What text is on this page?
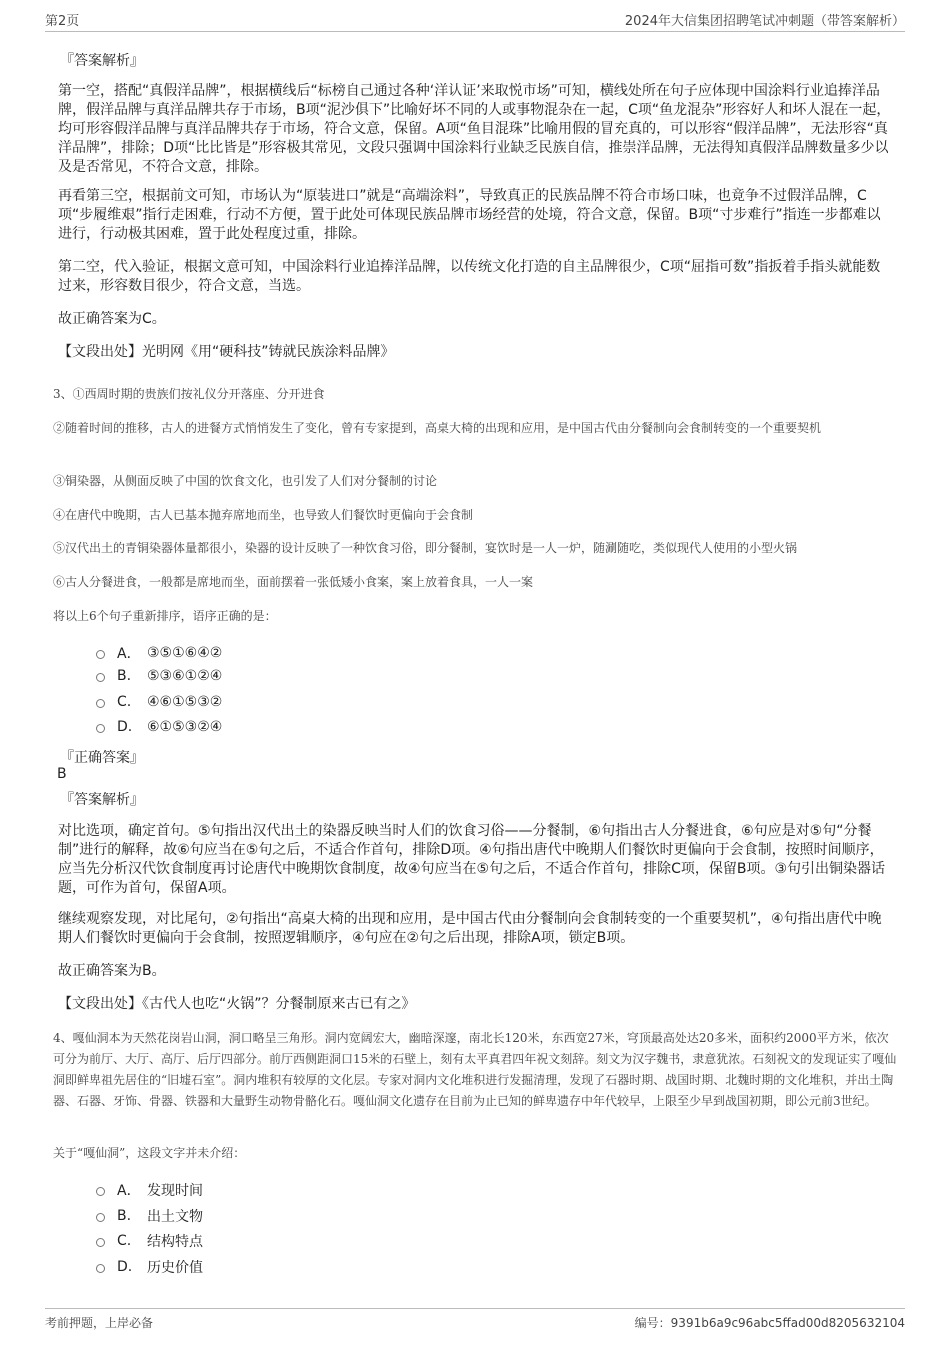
第2页	2024年大信集团招聘笔试冲刺题（带答案解析）
『答案解析』
第一空，搭配“真假洋品牌”，根据横线后“标榜自己通过各种‘洋认证’来取悦市场”可知，横线处所在句子应体现中国涂料行业追捧洋品牌，假洋品牌与真洋品牌共存于市场，B项“泥沙俱下”比喻好坏不同的人或事物混杂在一起，C项“鱼龙混杂”形容好人和坏人混在一起，均可形容假洋品牌与真洋品牌共存于市场，符合文意，保留。A项“鱼目混珠”比喻用假的冒充真的，可以形容“假洋品牌”，无法形容“真洋品牌”，排除；D项“比比皆是”形容极其常见，文段只强调中国涂料行业缺乏民族自信，推崇洋品牌，无法得知真假洋品牌数量多少以及是否常见，不符合文意，排除。
再看第三空，根据前文可知，市场认为“原装进口”就是“高端涂料”，导致真正的民族品牌不符合市场口味，也竟争不过假洋品牌，C项“步履维艰”指行走困难，行动不方便，置于此处可体现民族品牌市场经营的处境，符合文意，保留。B项“寸步难行”指连一步都难以进行，行动极其困难，置于此处程度过重，排除。
第二空，代入验证，根据文意可知，中国涂料行业追捧洋品牌，以传统文化打造的自主品牌很少，C项“屈指可数”指扳着手指头就能数过来，形容数目很少，符合文意，当选。
故正确答案为C。
【文段出处】光明网《用“硬科技”铸就民族涂料品牌》
3、①西周时期的贵族们按礼仪分开落座、分开进食
②随着时间的推移，古人的进餐方式悄悄发生了变化，曾有专家提到，高桌大椅的出现和应用，是中国古代由分餐制向会食制转变的一个重要契机
③铜染器，从侧面反映了中国的饮食文化，也引发了人们对分餐制的讨论
④在唐代中晚期，古人已基本抛弃席地而坐，也导致人们餐饮时更偏向于会食制
⑤汉代出土的青铜染器体量都很小，染器的设计反映了一种饮食习俗，即分餐制，宴饮时是一人一炉，随涮随吃，类似现代人使用的小型火锅
⑥古人分餐进食，一般都是席地而坐，面前摆着一张低矮小食案，案上放着食具，一人一案
将以上6个句子重新排序，语序正确的是：
A． ③⑤①⑥④②
B.	⑤③⑥①②④
C.	④⑥①⑤③②
D.	⑥①⑤③②④
『正确答案』
B
『答案解析』
对比选项，确定首句。⑤句指出汉代出土的染器反映当时人们的饮食习俗——分餐制，⑥句指出古人分餐进食，⑥句应是对⑤句“分餐制”进行的解释，故⑥句应当在⑤句之后，不适合作首句，排除D项。④句指出唐代中晚期人们餐饮时更偏向于会食制，按照时间顺序，应当先分析汉代饮食制度再讨论唐代中晚期饮食制度，故④句应当在⑤句之后，不适合作首句，排除C项，保留B项。③句引出铜染器话题，可作为首句，保留A项。
继续观察发现，对比尾句，②句指出“高桌大椅的出现和应用，是中国古代由分餐制向会食制转变的一个重要契机”，④句指出唐代中晚期人们餐饮时更偏向于会食制，按照逻辑顺序，④句应在②句之后出现，排除A项，锁定B项。
故正确答案为B。
【文段出处】《古代人也吃“火锅”？分餐制原来古已有之》
4、嘎仙洞本为天然花岗岩山洞，洞口略呈三角形。洞内宽阔宏大，幽暗深邃，南北长120米，东西宽27米，穹顶最高处达20多米，面积约2000平方米，依次可分为前厅、大厅、高厅、后厅四部分。前厅西侧距洞口15米的石壁上，刻有太平真君四年祝文刻辞。刻文为汉字魏书，隶意犹浓。石刻祝文的发现证实了嘎仙洞即鲜卑祖先居住的“旧墟石室”。洞内堆积有较厚的文化层。专家对洞内文化堆积进行发掘清理，发现了石器时期、战国时期、北魏时期的文化堆积，并出土陶器、石器、牙饰、骨器、铁器和大量野生动物骨骼化石。嘎仙洞文化遗存在目前为止已知的鲜卑遗存中年代较早，上限至少早到战国初期，即公元前3世纪。
关于“嘎仙洞”，这段文字并未介绍：
A． 发现时间
B.	出土文物
C.	结构特点
D.	历史价值
考前押题，上岸必备	编号：9391b6a9c96abc5ffad00d8205632104
